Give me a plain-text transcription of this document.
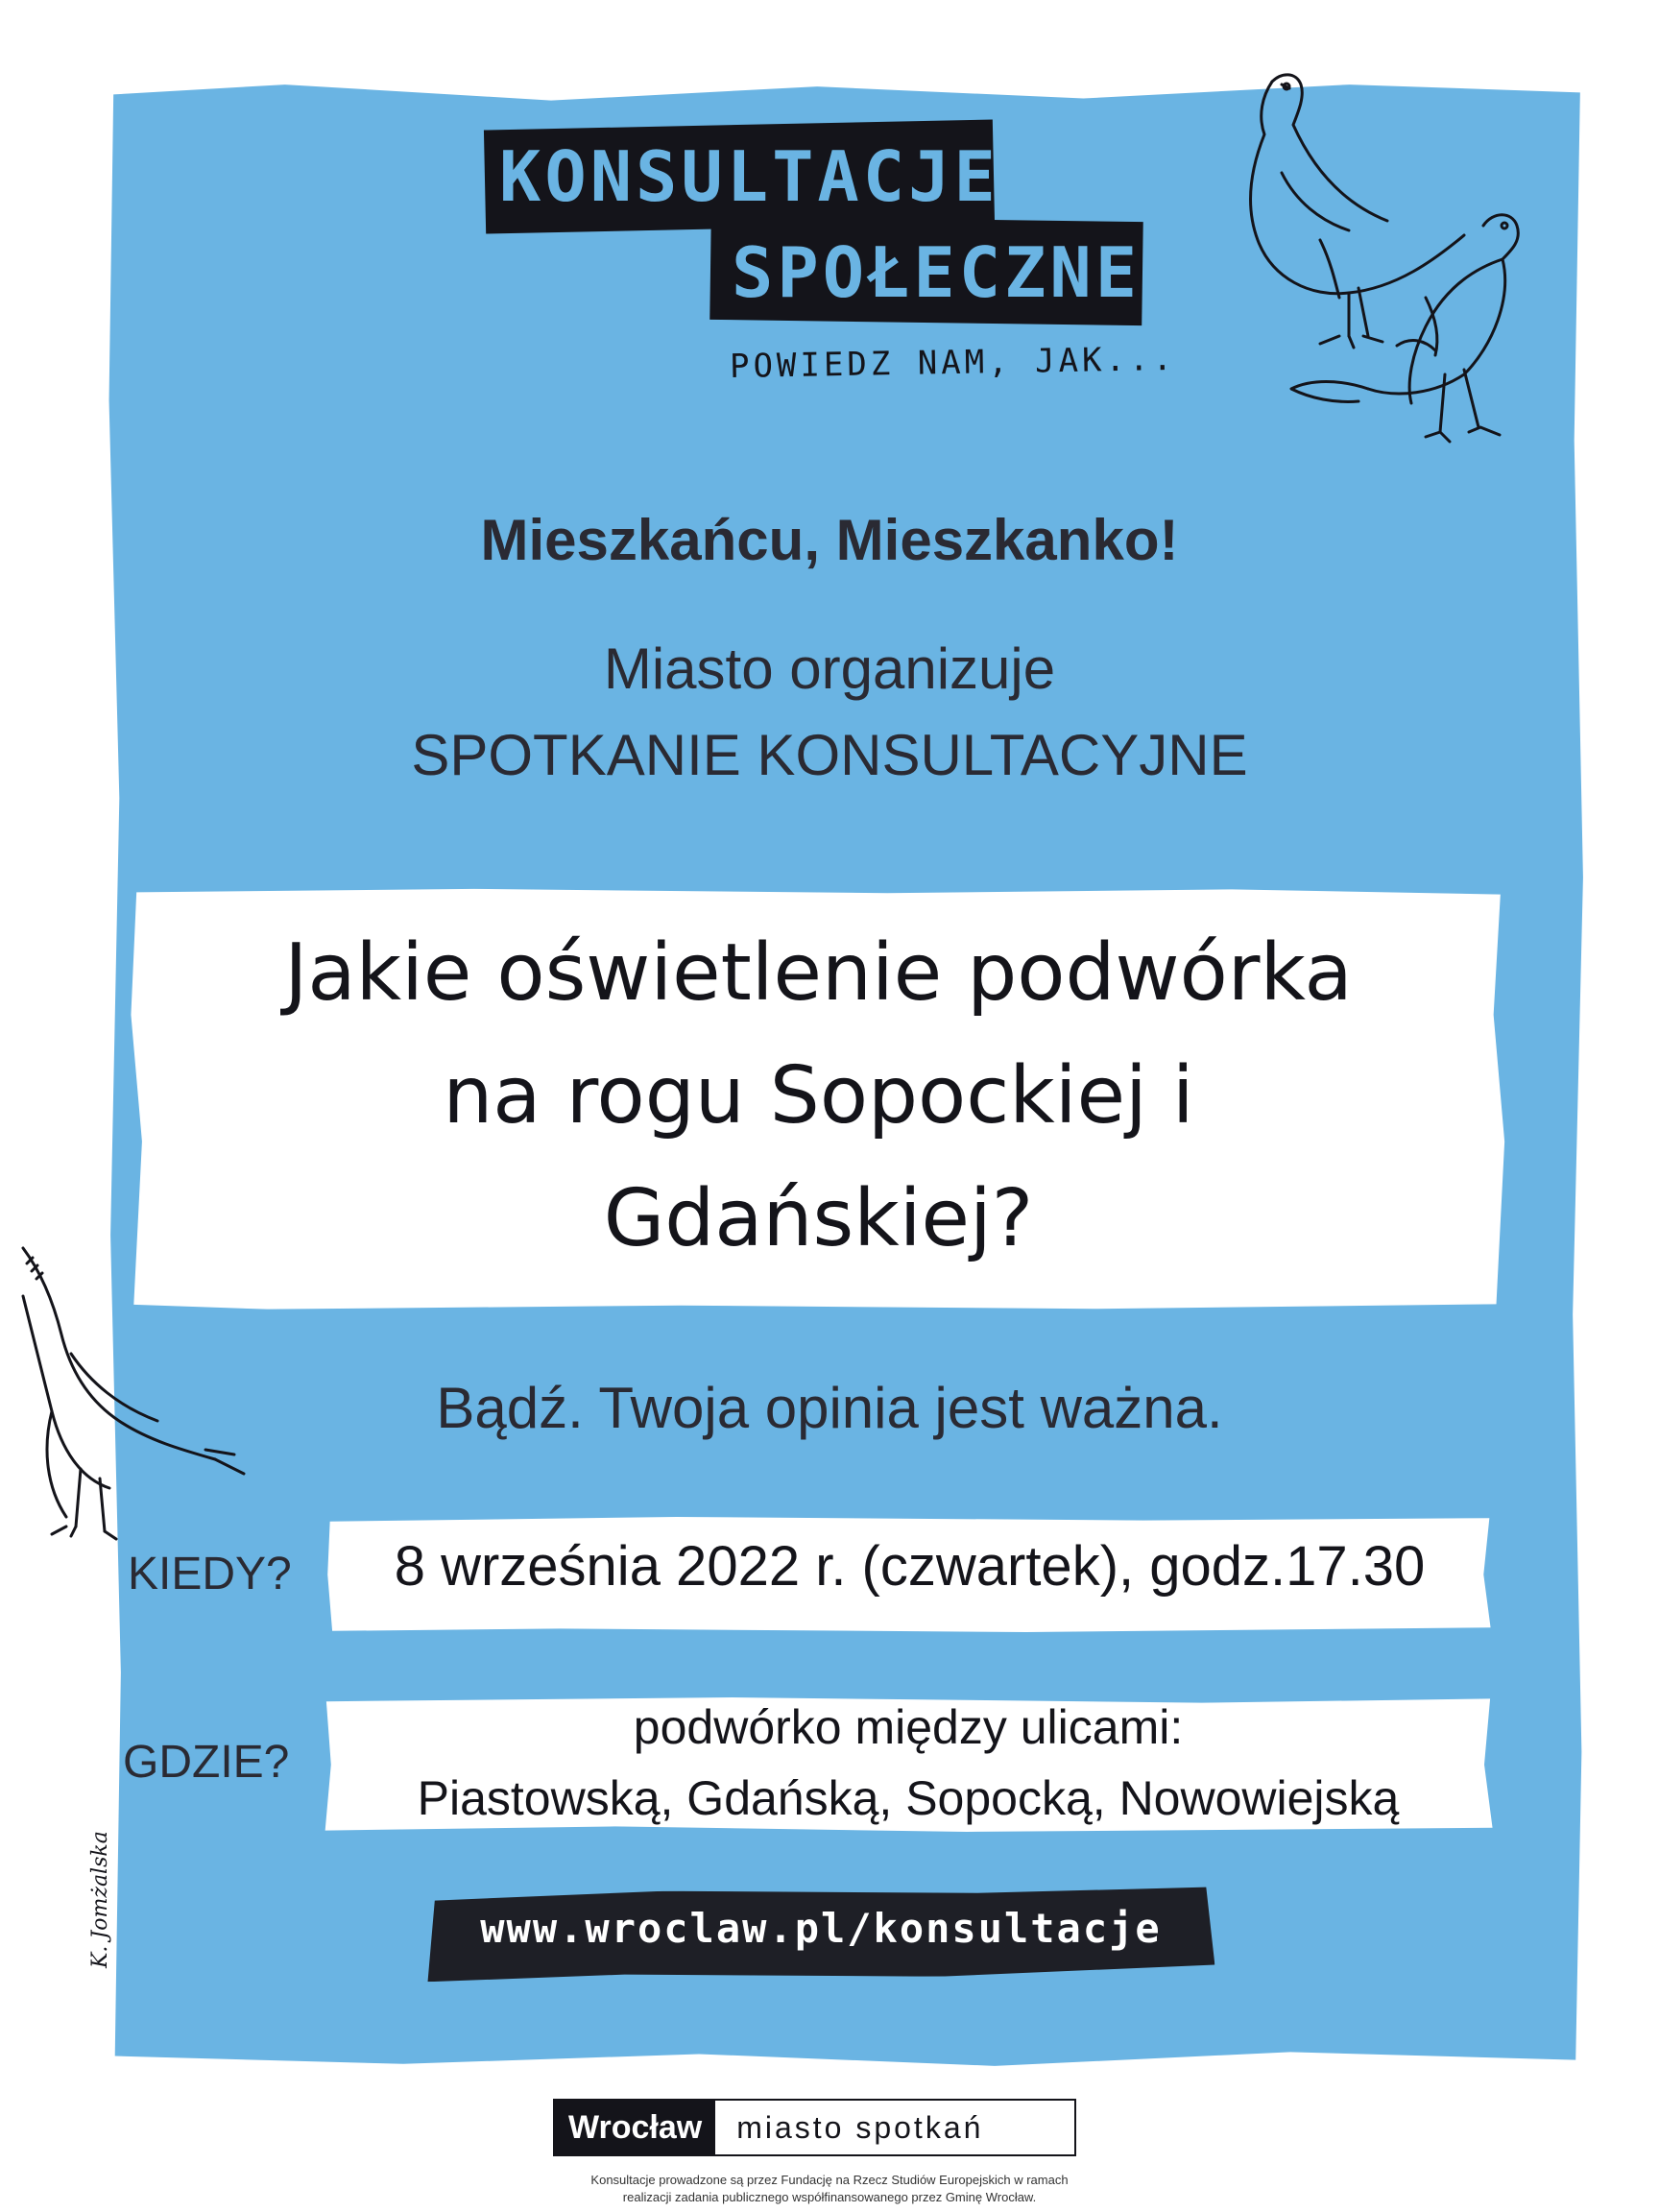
KONSULTACJE
SPOŁECZNE
POWIEDZ NAM, JAK...
Mieszkańcu, Mieszkanko!
Miasto organizuje
SPOTKANIE KONSULTACYJNE
Jakie oświetlenie podwórka
na rogu Sopockiej i
Gdańskiej?
Bądź. Twoja opinia jest ważna.
KIEDY?	8 września 2022 r. (czwartek), godz.17.30
GDZIE?
podwórko między ulicami:
Piastowską, Gdańską, Sopocką, Nowowiejską
www.wroclaw.pl/konsultacje
K. Jomżalska
Wrocław	miasto spotkań
Konsultacje prowadzone są przez Fundację na Rzecz Studiów Europejskich w ramach
realizacji zadania publicznego współfinansowanego przez Gminę Wrocław.
